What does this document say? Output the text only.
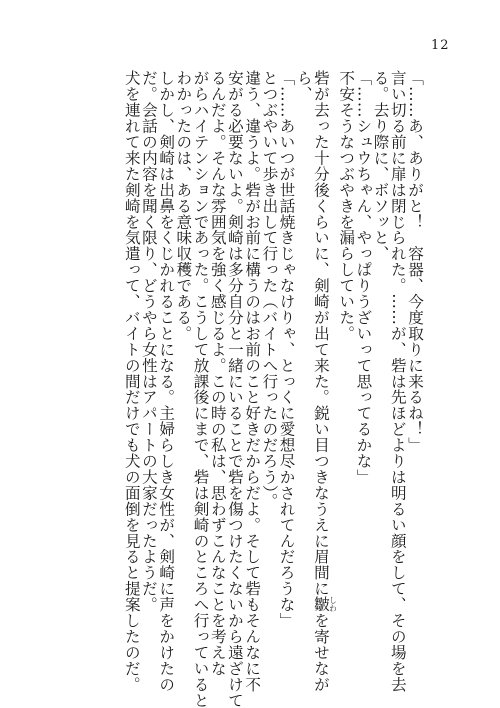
12

「……あ、ありがと！　容器、今度取りに来るね！」

言い切る前に扉は閉じられた。……が、砦は先ほどよりは明るい顔をして、その場を去

る。去り際に、ボソッと、

「……シュウちゃん、やっぱりうざいって思ってるかな」

不安そうなつぶやきを漏らしていた。

砦が去った十分後くらいに、剣崎が出て来た。鋭い目つきなうえに眉間に皺しわを寄せなが

ら、

「……あいつが世話焼きじゃなけりゃ、とっくに愛想尽かされてんだろうな」

とつぶやいて歩き出して行った（バイトへ行ったのだろう）。

違う、違うよ。砦がお前に構うのはお前のこと好きだからだよ。そして砦もそんなに不

安がる必要ないよ。剣崎は多分自分と一緒にいることで砦を傷つけたくないから遠ざけて

るんだよ。そんな雰囲気を強く感じるよ。この時の私は、思わずこんなことを考えな

がらハイテンションであった。こうして放課後にまで、砦は剣崎のところへ行っていると

わかったのは、ある意味収穫である。

しかし、剣崎は出鼻をくじかれることになる。主婦らしき女性が、剣崎に声をかけたの

だ。会話の内容を聞く限り、どうやら女性はアパートの大家だったようだ。

犬を連れて来た剣崎を気遣って、バイトの間だけでも犬の面倒を見ると提案したのだ。
